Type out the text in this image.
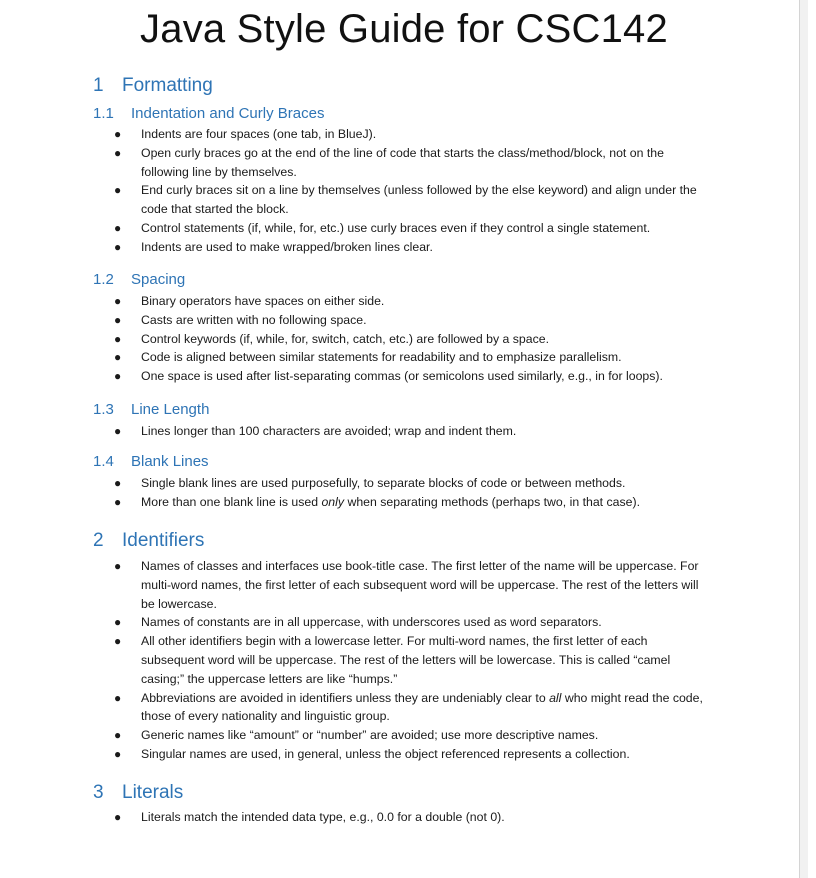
Java Style Guide for CSC142
1 Formatting
1.1 Indentation and Curly Braces
●	Indents are four spaces (one tab, in BlueJ).
●	Open curly braces go at the end of the line of code that starts the class/method/block, not on the following line by themselves.
●	End curly braces sit on a line by themselves (unless followed by the else keyword) and align under the code that started the block.
●	Control statements (if, while, for, etc.) use curly braces even if they control a single statement.
●	Indents are used to make wrapped/broken lines clear.
1.2 Spacing
●	Binary operators have spaces on either side.
●	Casts are written with no following space.
●	Control keywords (if, while, for, switch, catch, etc.) are followed by a space.
●	Code is aligned between similar statements for readability and to emphasize parallelism.
●	One space is used after list-separating commas (or semicolons used similarly, e.g., in for loops).
1.3 Line Length
●	Lines longer than 100 characters are avoided; wrap and indent them.
1.4 Blank Lines
●	Single blank lines are used purposefully, to separate blocks of code or between methods.
●	More than one blank line is used only when separating methods (perhaps two, in that case).
2 Identifiers
●	Names of classes and interfaces use book-title case. The first letter of the name will be uppercase. For multi-word names, the first letter of each subsequent word will be uppercase. The rest of the letters will be lowercase.
●	Names of constants are in all uppercase, with underscores used as word separators.
●	All other identifiers begin with a lowercase letter. For multi-word names, the first letter of each subsequent word will be uppercase. The rest of the letters will be lowercase. This is called “camel casing;” the uppercase letters are like “humps.”
●	Abbreviations are avoided in identifiers unless they are undeniably clear to all who might read the code, those of every nationality and linguistic group.
●	Generic names like “amount” or “number” are avoided; use more descriptive names.
●	Singular names are used, in general, unless the object referenced represents a collection.
3 Literals
●	Literals match the intended data type, e.g., 0.0 for a double (not 0).
